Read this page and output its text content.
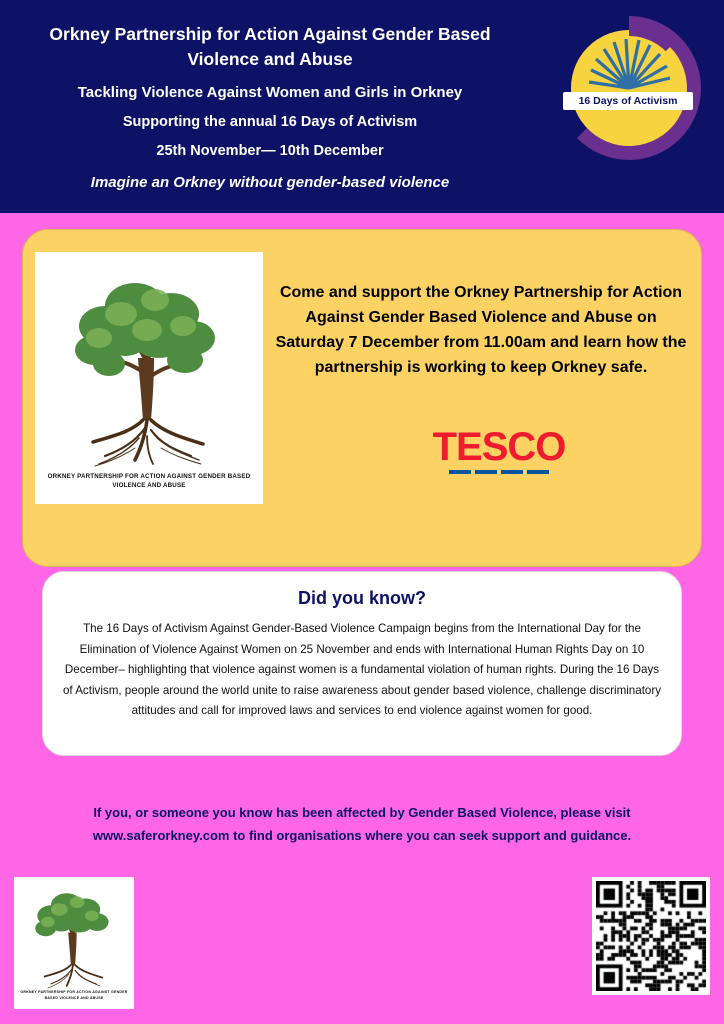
Orkney Partnership for Action Against Gender Based Violence and Abuse
Tackling Violence Against Women and Girls in Orkney
Supporting the annual 16 Days of Activism
25th November— 10th December
Imagine an Orkney without gender-based violence
16 Days of Activism
ORKNEY PARTNERSHIP FOR ACTION AGAINST GENDER BASED VIOLENCE AND ABUSE
Come and support the Orkney Partnership for Action Against Gender Based Violence and Abuse on Saturday 7 December from 11.00am and learn how the partnership is working to keep Orkney safe.
TESCO
Did you know?
The 16 Days of Activism Against Gender-Based Violence Campaign begins from the International Day for the Elimination of Violence Against Women on 25 November and ends with International Human Rights Day on 10 December– highlighting that violence against women is a fundamental violation of human rights. During the 16 Days of Activism, people around the world unite to raise awareness about gender based violence, challenge discriminatory attitudes and call for improved laws and services to end violence against women for good.
If you, or someone you know has been affected by Gender Based Violence, please visit www.saferorkney.com to find organisations where you can seek support and guidance.
ORKNEY PARTNERSHIP FOR ACTION AGAINST GENDER BASED VIOLENCE AND ABUSE
